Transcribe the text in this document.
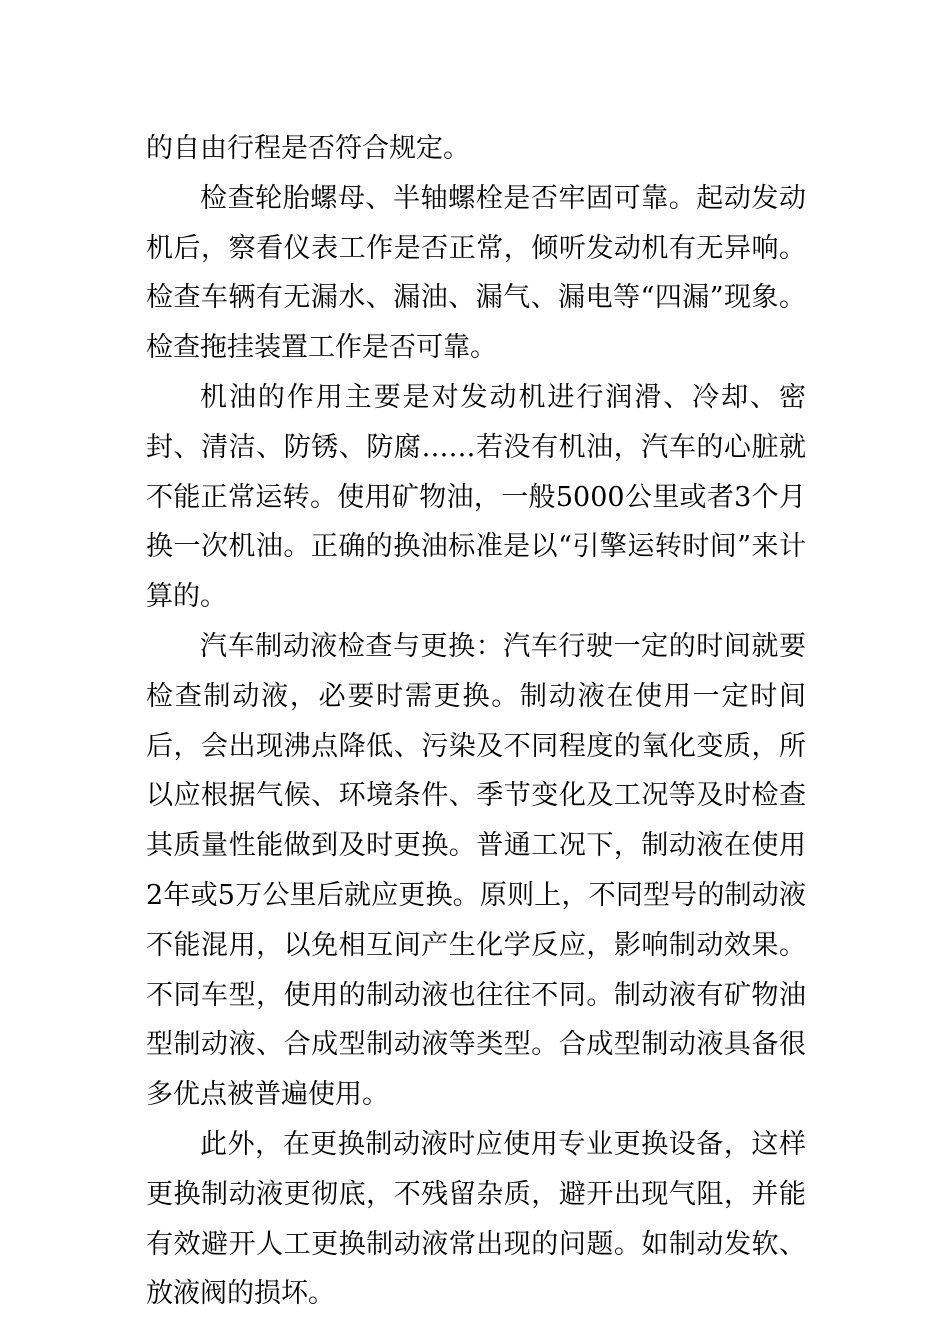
的自由行程是否符合规定。

检查轮胎螺母、半轴螺栓是否牢固可靠。起动发动机后，察看仪表工作是否正常，倾听发动机有无异响。检查车辆有无漏水、漏油、漏气、漏电等“四漏”现象。检查拖挂装置工作是否可靠。

机油的作用主要是对发动机进行润滑、冷却、密封、清洁、防锈、防腐……若没有机油，汽车的心脏就不能正常运转。使用矿物油，一般5000公里或者3个月换一次机油。正确的换油标准是以“引擎运转时间”来计算的。

汽车制动液检查与更换：汽车行驶一定的时间就要检查制动液，必要时需更换。制动液在使用一定时间后，会出现沸点降低、污染及不同程度的氧化变质，所以应根据气候、环境条件、季节变化及工况等及时检查其质量性能做到及时更换。普通工况下，制动液在使用2年或5万公里后就应更换。原则上，不同型号的制动液不能混用，以免相互间产生化学反应，影响制动效果。不同车型，使用的制动液也往往不同。制动液有矿物油型制动液、合成型制动液等类型。合成型制动液具备很多优点被普遍使用。

此外，在更换制动液时应使用专业更换设备，这样更换制动液更彻底，不残留杂质，避开出现气阻，并能有效避开人工更换制动液常出现的问题。如制动发软、放液阀的损坏。
